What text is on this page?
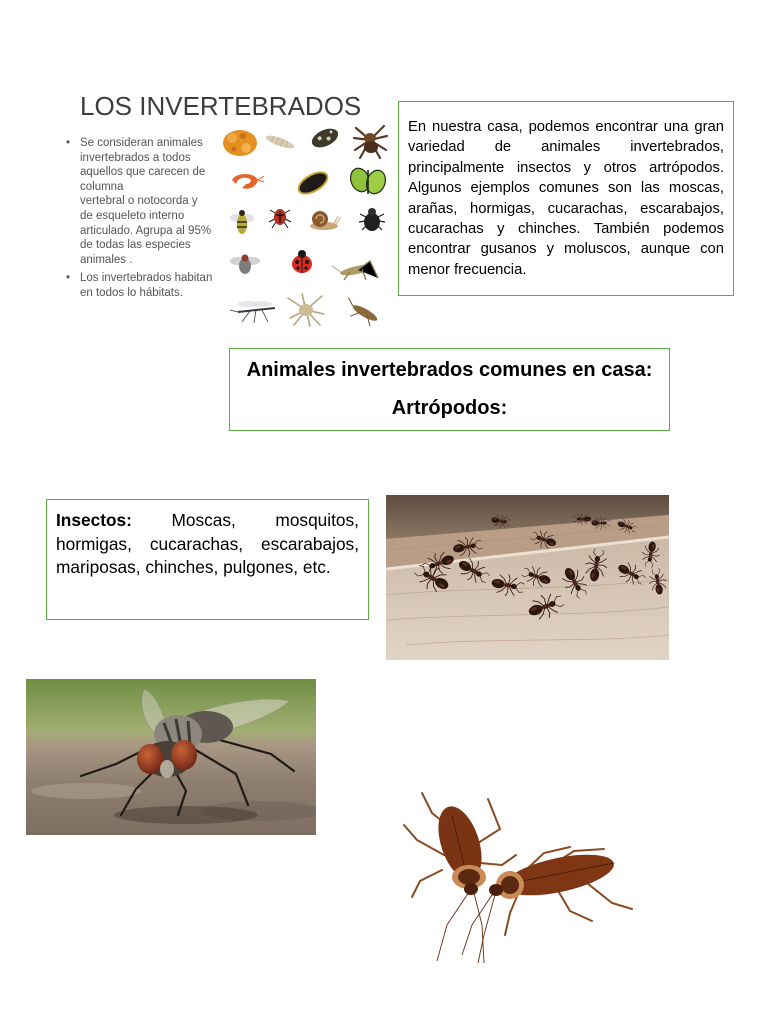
LOS INVERTEBRADOS
• Se consideran animales
invertebrados a todos
aquellos que carecen de
columna
vertebral o notocorda y
de esqueleto interno
articulado. Agrupa al 95%
de todas las especies
animales .
• Los invertebrados habitan
en todos lo hábitats.

En nuestra casa, podemos encontrar una gran variedad de animales invertebrados, principalmente insectos y otros artrópodos. Algunos ejemplos comunes son las moscas, arañas, hormigas, cucarachas, escarabajos, cucarachas y chinches. También podemos encontrar gusanos y moluscos, aunque con menor frecuencia.

Animales invertebrados comunes en casa:
Artrópodos:

Insectos: Moscas, mosquitos, hormigas, cucarachas, escarabajos, mariposas, chinches, pulgones, etc.
